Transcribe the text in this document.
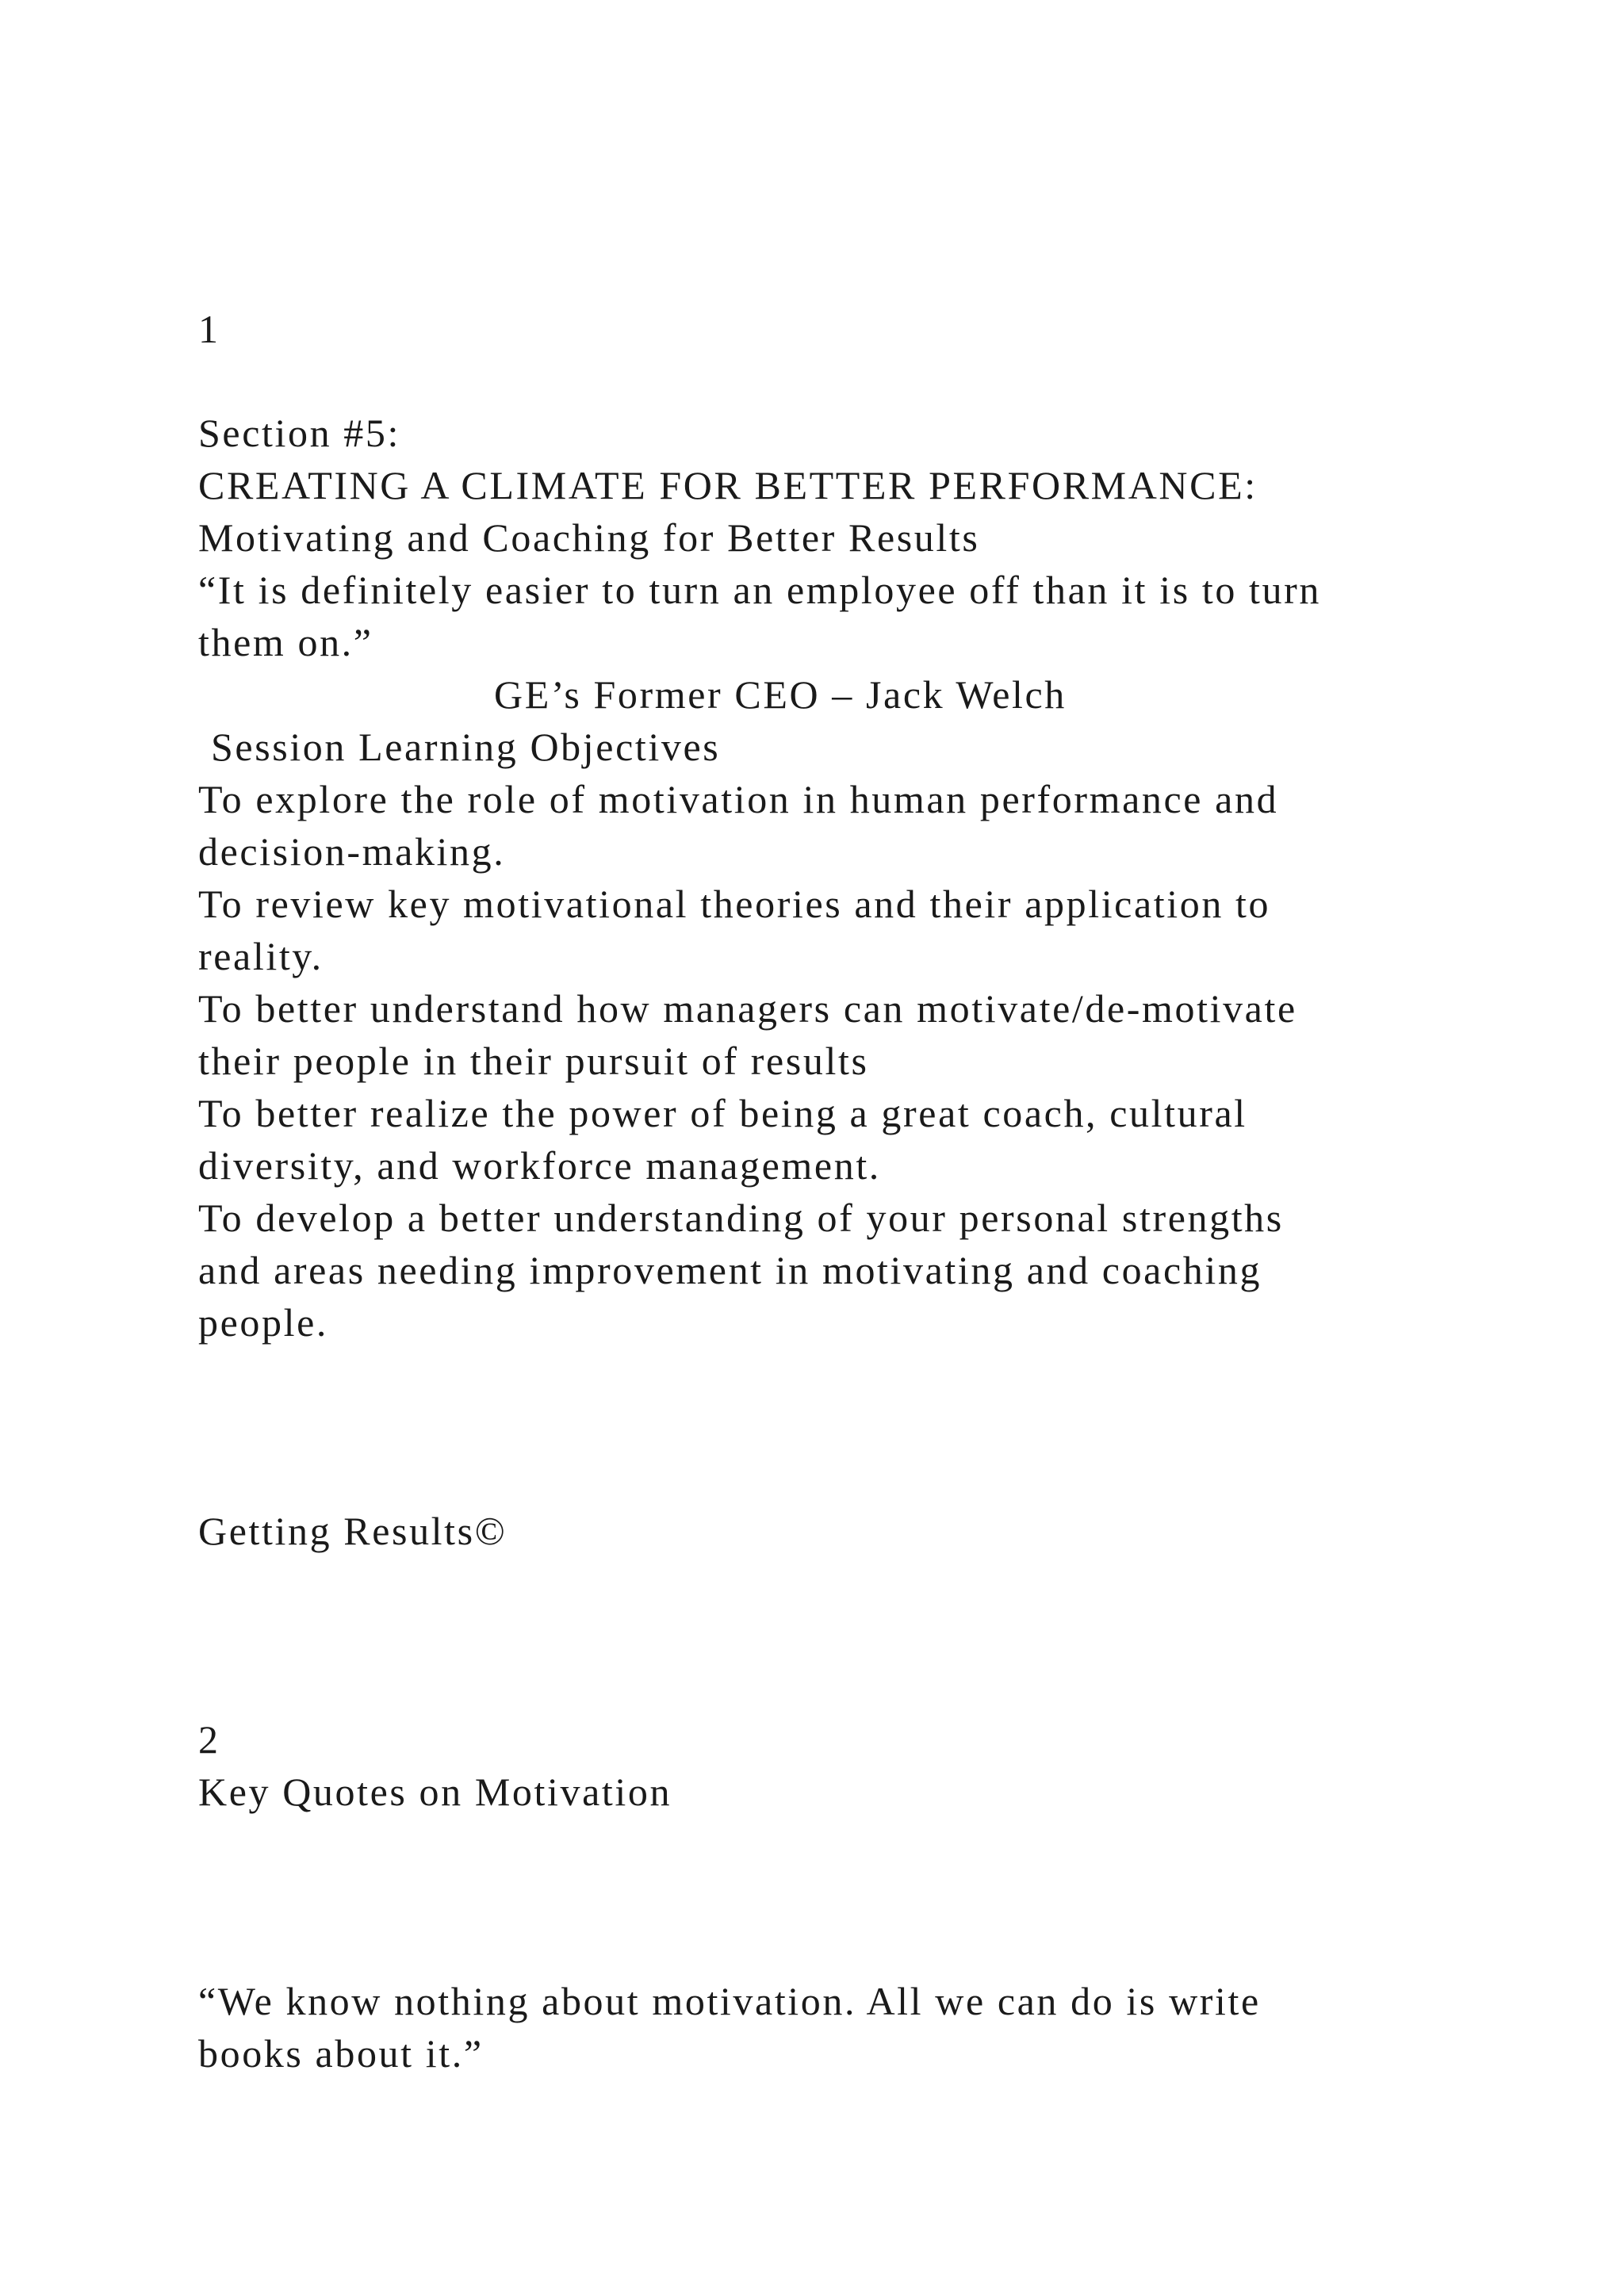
1

Section #5:

CREATING A CLIMATE FOR BETTER PERFORMANCE:

Motivating and Coaching for Better Results

“It is definitely easier to turn an employee off than it is to turn

them on.”

GE’s Former CEO – Jack Welch

Session Learning Objectives

To explore the role of motivation in human performance and

decision-making.

To review key motivational theories and their application to

reality.

To better understand how managers can motivate/de-motivate

their people in their pursuit of results

To better realize the power of being a great coach, cultural

diversity, and workforce management.

To develop a better understanding of your personal strengths

and areas needing improvement in motivating and coaching

people.

Getting Results©

2

Key Quotes on Motivation

“We know nothing about motivation. All we can do is write

books about it.”
